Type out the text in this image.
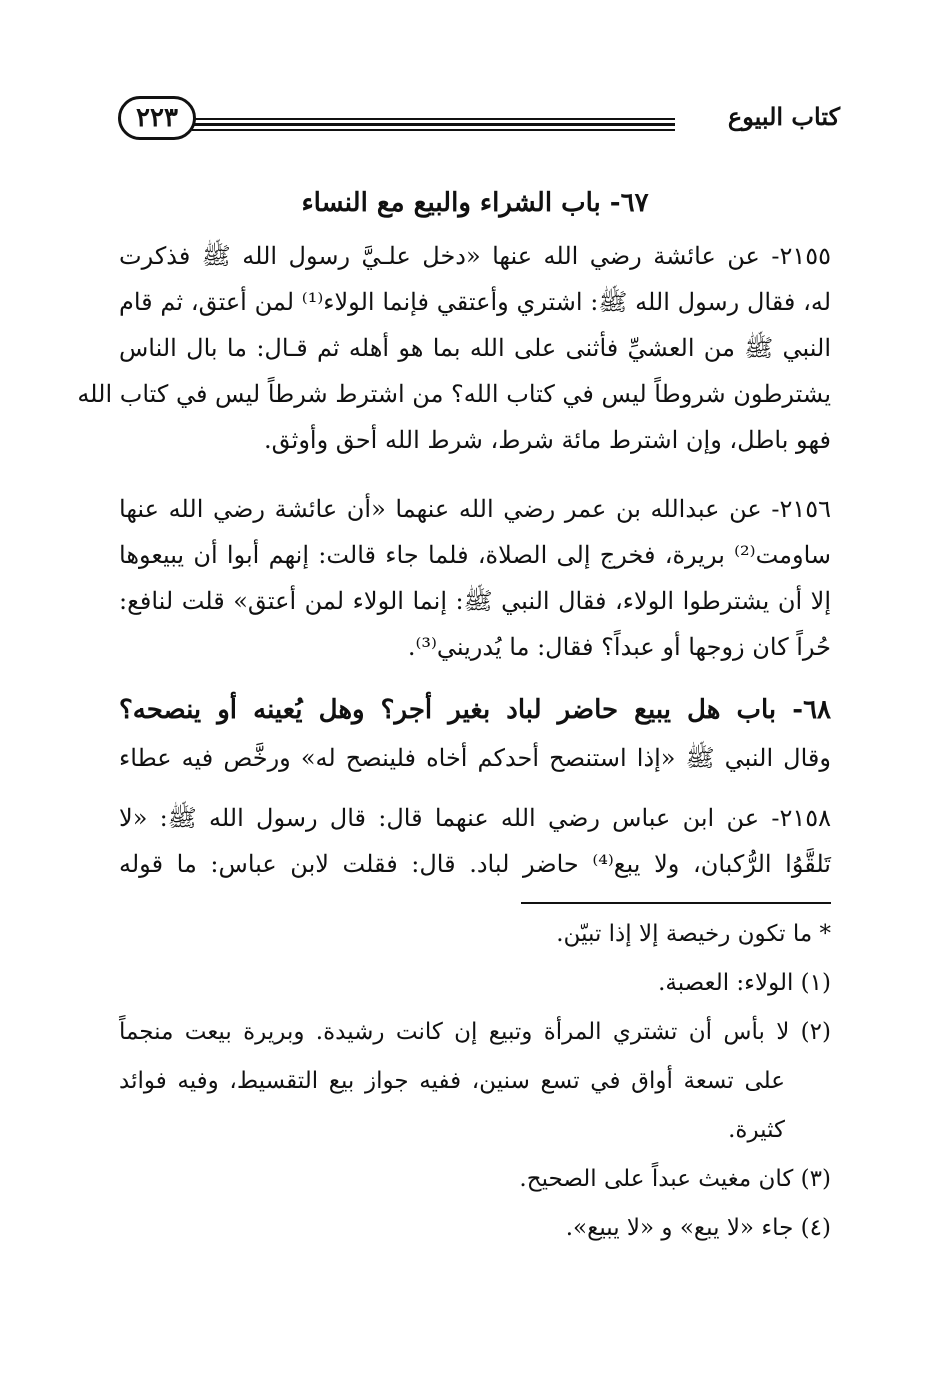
كتاب البيوع
٢٢٣
٦٧- باب الشراء والبيع مع النساء
٢١٥٥- عن عائشة رضي الله عنها «دخل علـيَّ رسول الله ﷺ فذكرت
له، فقال رسول الله ﷺ: اشتري وأعتقي فإنما الولاء⁽¹⁾ لمن أعتق، ثم قام
النبي ﷺ من العشيِّ فأثنى على الله بما هو أهله ثم قـال: ما بال الناس
يشترطون شروطاً ليس في كتاب الله؟ من اشترط شرطاً ليس في كتاب الله
فهو باطل، وإن اشترط مائة شرط، شرط الله أحق وأوثق.
٢١٥٦- عن عبدالله بن عمر رضي الله عنهما «أن عائشة رضي الله عنها
ساومت⁽²⁾ بريرة، فخرج إلى الصلاة، فلما جاء قالت: إنهم أبوا أن يبيعوها
إلا أن يشترطوا الولاء، فقال النبي ﷺ: إنما الولاء لمن أعتق» قلت لنافع:
حُراً كان زوجها أو عبداً؟ فقال: ما يُدريني⁽³⁾.
٦٨- باب هل يبيع حاضر لباد بغير أجر؟ وهل يُعينه أو ينصحه؟
وقال النبي ﷺ «إذا استنصح أحدكم أخاه فلينصح له» ورخَّص فيه عطاء
٢١٥٨- عن ابن عباس رضي الله عنهما قال: قال رسول الله ﷺ: «لا
تَلقَّوُا الرُّكبان، ولا يبع⁽⁴⁾ حاضر لباد. قال: فقلت لابن عباس: ما قوله
* ما تكون رخيصة إلا إذا تبيّن.
(١) الولاء: العصبة.
(٢) لا بأس أن تشتري المرأة وتبيع إن كانت رشيدة. وبريرة بيعت منجماً
على تسعة أواق في تسع سنين، ففيه جواز بيع التقسيط، وفيه فوائد
كثيرة.
(٣) كان مغيث عبداً على الصحيح.
(٤) جاء «لا يبع» و «لا يبيع».
